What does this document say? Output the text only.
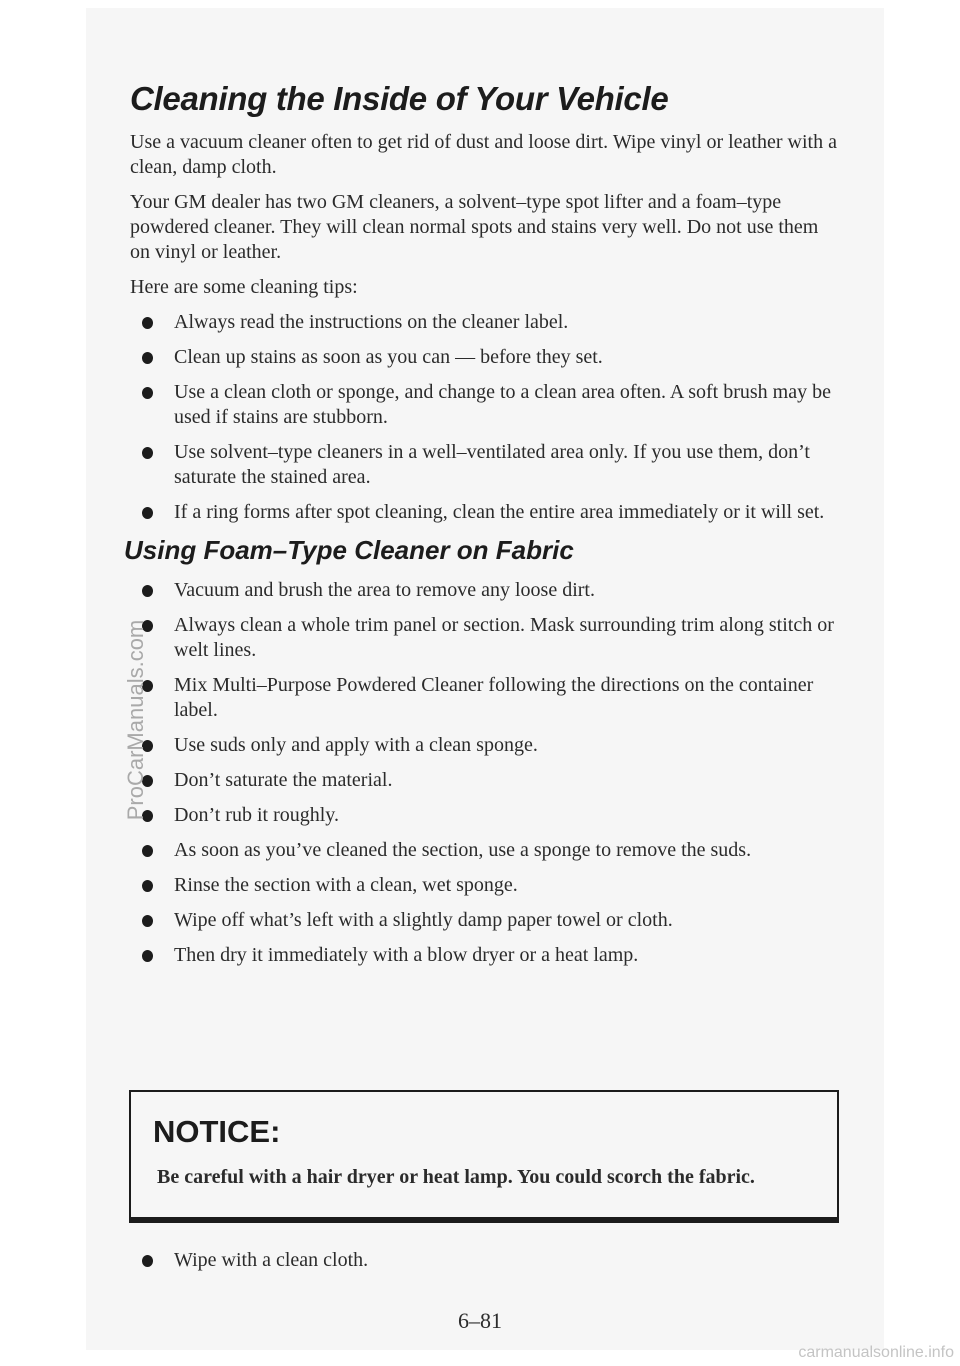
Cleaning the Inside of Your Vehicle

Use a vacuum cleaner often to get rid of dust and loose dirt. Wipe vinyl or leather with a clean, damp cloth.

Your GM dealer has two GM cleaners, a solvent–type spot lifter and a foam–type powdered cleaner. They will clean normal spots and stains very well. Do not use them on vinyl or leather.

Here are some cleaning tips:

Always read the instructions on the cleaner label.
Clean up stains as soon as you can — before they set.
Use a clean cloth or sponge, and change to a clean area often. A soft brush may be used if stains are stubborn.
Use solvent–type cleaners in a well–ventilated area only. If you use them, don’t saturate the stained area.
If a ring forms after spot cleaning, clean the entire area immediately or it will set.
Using Foam–Type Cleaner on Fabric
Vacuum and brush the area to remove any loose dirt.
Always clean a whole trim panel or section. Mask surrounding trim along stitch or welt lines.
Mix Multi–Purpose Powdered Cleaner following the directions on the container label.
Use suds only and apply with a clean sponge.
Don’t saturate the material.
Don’t rub it roughly.
As soon as you’ve cleaned the section, use a sponge to remove the suds.
Rinse the section with a clean, wet sponge.
Wipe off what’s left with a slightly damp paper towel or cloth.
Then dry it immediately with a blow dryer or a heat lamp.
NOTICE:

Be careful with a hair dryer or heat lamp. You could scorch the fabric.

Wipe with a clean cloth.
6–81
ProCarManuals.com
carmanualsonline.info
